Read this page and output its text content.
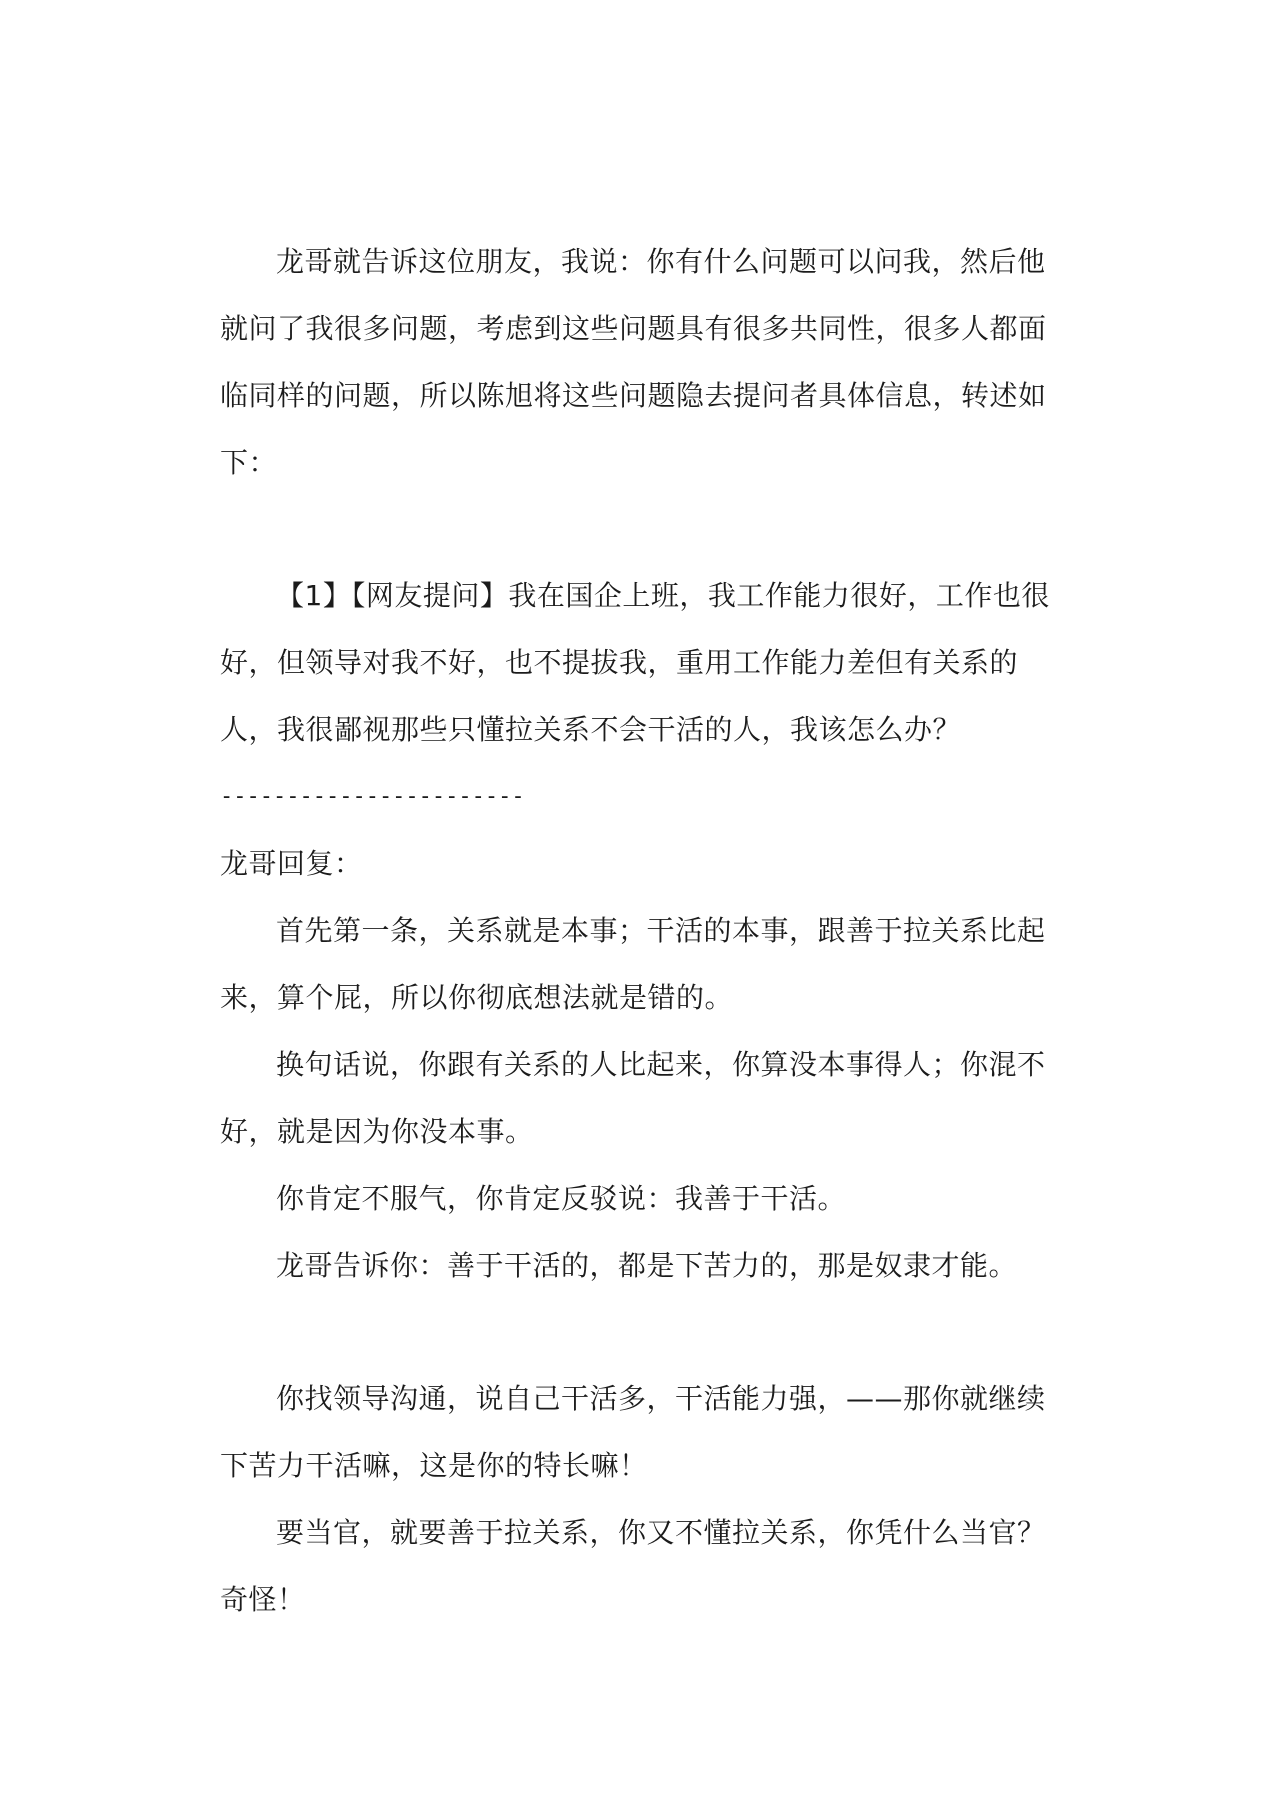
龙哥就告诉这位朋友，我说：你有什么问题可以问我，然后他就问了我很多问题，考虑到这些问题具有很多共同性，很多人都面临同样的问题，所以陈旭将这些问题隐去提问者具体信息，转述如下：

【1】【网友提问】我在国企上班，我工作能力很好，工作也很好，但领导对我不好，也不提拔我，重用工作能力差但有关系的人，我很鄙视那些只懂拉关系不会干活的人，我该怎么办？

-----------------------

龙哥回复：

首先第一条，关系就是本事；干活的本事，跟善于拉关系比起来，算个屁，所以你彻底想法就是错的。

换句话说，你跟有关系的人比起来，你算没本事得人；你混不好，就是因为你没本事。

你肯定不服气，你肯定反驳说：我善于干活。

龙哥告诉你：善于干活的，都是下苦力的，那是奴隶才能。

你找领导沟通，说自己干活多，干活能力强，——那你就继续下苦力干活嘛，这是你的特长嘛！

要当官，就要善于拉关系，你又不懂拉关系，你凭什么当官？奇怪！
